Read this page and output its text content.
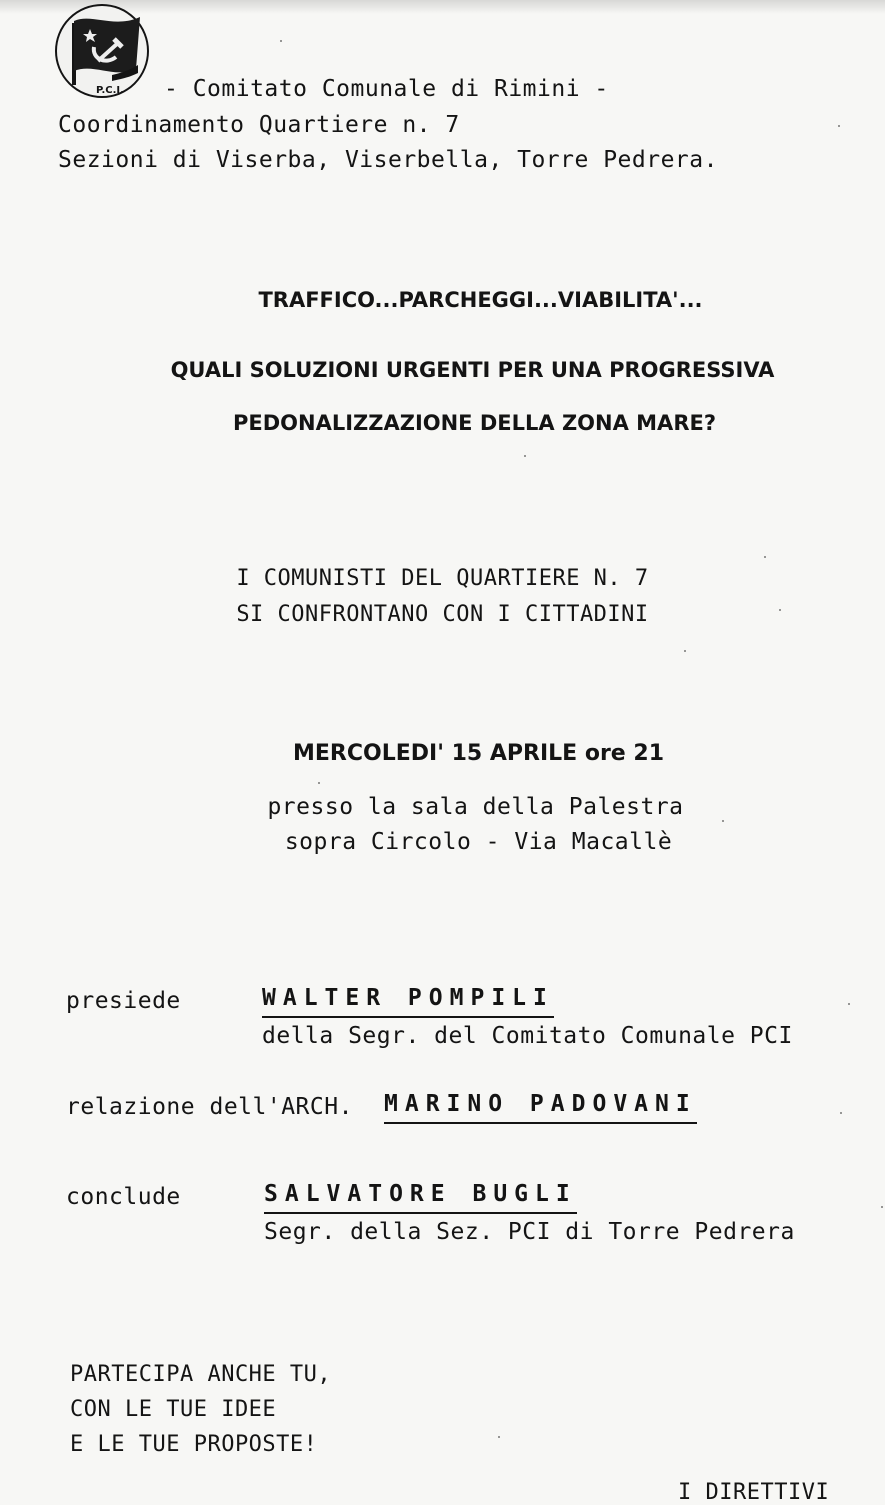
P.C.I. - Comitato Comunale di Rimini -
Coordinamento Quartiere n. 7
Sezioni di Viserba, Viserbella, Torre Pedrera.
TRAFFICO...PARCHEGGI...VIABILITA'...
QUALI SOLUZIONI URGENTI PER UNA PROGRESSIVA
PEDONALIZZAZIONE DELLA ZONA MARE?
I COMUNISTI DEL QUARTIERE N. 7
SI CONFRONTANO CON I CITTADINI
MERCOLEDI' 15 APRILE ore 21
presso la sala della Palestra
sopra Circolo - Via Macallè
presiede	WALTER POMPILI
della Segr. del Comitato Comunale PCI
relazione dell'ARCH. MARINO PADOVANI
conclude	SALVATORE BUGLI
Segr. della Sez. PCI di Torre Pedrera
PARTECIPA ANCHE TU,
CON LE TUE IDEE
E LE TUE PROPOSTE!
I DIRETTIVI
